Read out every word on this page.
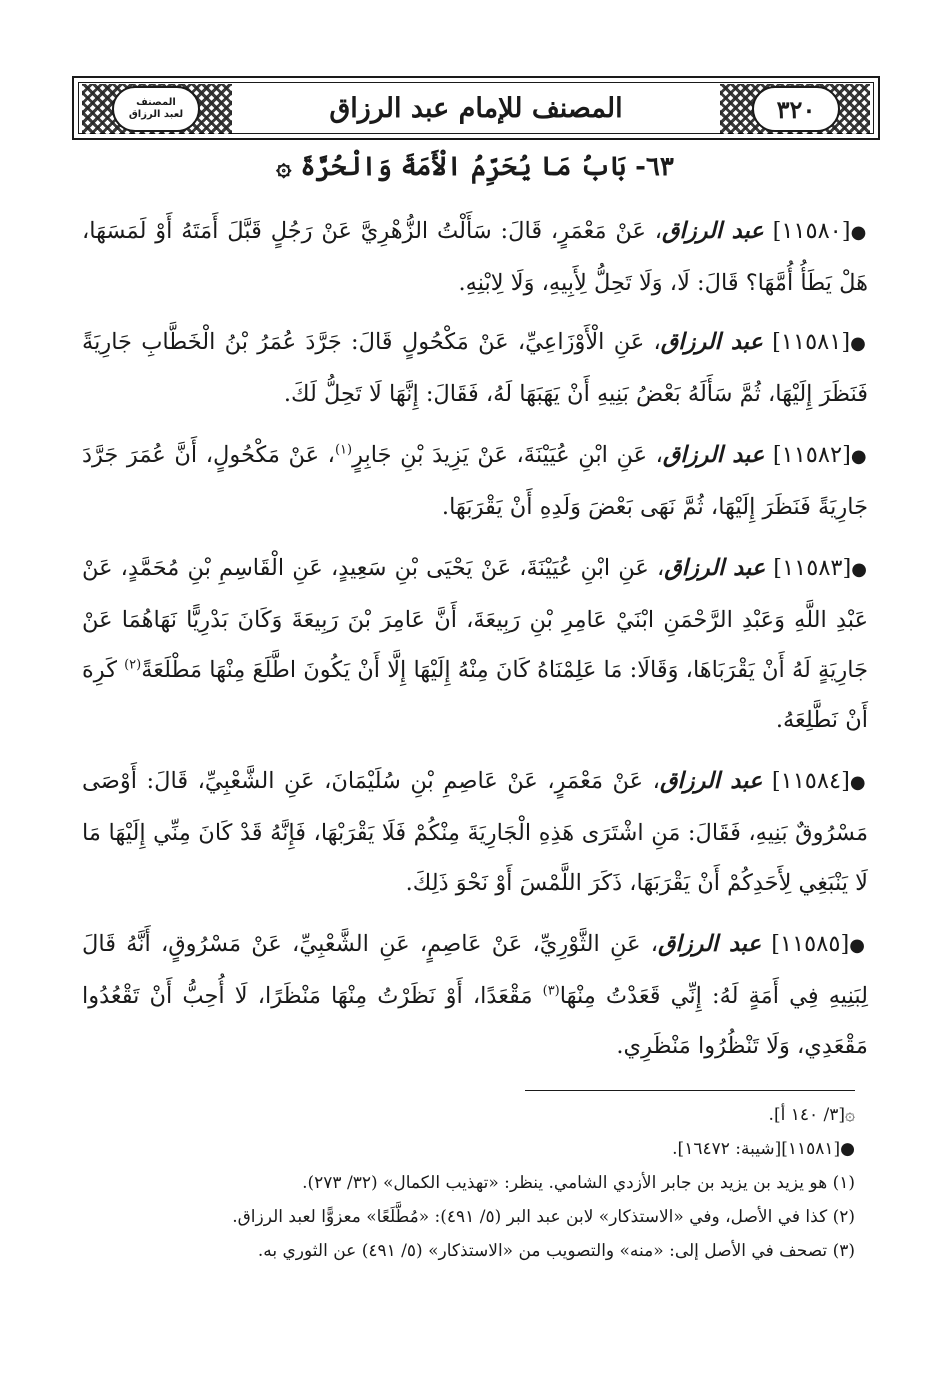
المصنف
لعبد الرزاق	٣٢٠
المصنف للإمام عبد الرزاق
٦٣- بَابُ مَا يُحَرِّمُ الْأَمَةَ وَالْحُرَّةَ ۞

●[١١٥٨٠] عبد الرزاق، عَنْ مَعْمَرٍ، قَالَ: سَأَلْتُ الزُّهْرِيَّ عَنْ رَجُلٍ قَبَّلَ أَمَتَهُ أَوْ لَمَسَهَا، هَلْ يَطَأُ أُمَّهَا؟ قَالَ: لَا، وَلَا تَحِلُّ لِأَبِيهِ، وَلَا لِابْنِهِ.

●[١١٥٨١] عبد الرزاق، عَنِ الْأَوْزَاعِيِّ، عَنْ مَكْحُولٍ قَالَ: جَرَّدَ عُمَرُ بْنُ الْخَطَّابِ جَارِيَةً فَنَظَرَ إِلَيْهَا، ثُمَّ سَأَلَهُ بَعْضُ بَنِيهِ أَنْ يَهَبَهَا لَهُ، فَقَالَ: إِنَّهَا لَا تَحِلُّ لَكَ.

●[١١٥٨٢] عبد الرزاق، عَنِ ابْنِ عُيَيْنَةَ، عَنْ يَزِيدَ بْنِ جَابِرٍ$^{(١)}$، عَنْ مَكْحُولٍ، أَنَّ عُمَرَ جَرَّدَ جَارِيَةً فَنَظَرَ إِلَيْهَا، ثُمَّ نَهَى بَعْضَ وَلَدِهِ أَنْ يَقْرَبَهَا.

●[١١٥٨٣] عبد الرزاق، عَنِ ابْنِ عُيَيْنَةَ، عَنْ يَحْيَى بْنِ سَعِيدٍ، عَنِ الْقَاسِمِ بْنِ مُحَمَّدٍ، عَنْ عَبْدِ اللَّهِ وَعَبْدِ الرَّحْمَنِ ابْنَيْ عَامِرِ بْنِ رَبِيعَةَ، أَنَّ عَامِرَ بْنَ رَبِيعَةَ وَكَانَ بَدْرِيًّا نَهَاهُمَا عَنْ جَارِيَةٍ لَهُ أَنْ يَقْرَبَاهَا، وَقَالَا: مَا عَلِمْنَاهُ كَانَ مِنْهُ إِلَيْهَا إِلَّا أَنْ يَكُونَ اطَّلَعَ مِنْهَا مَطْلَعَةً$^{(٢)}$ كَرِهَ أَنْ نَطَّلِعَهُ.

●[١١٥٨٤] عبد الرزاق، عَنْ مَعْمَرٍ، عَنْ عَاصِمِ بْنِ سُلَيْمَانَ، عَنِ الشَّعْبِيِّ، قَالَ: أَوْصَى مَسْرُوقٌ بَنِيهِ، فَقَالَ: مَنِ اشْتَرَى هَذِهِ الْجَارِيَةَ مِنْكُمْ فَلَا يَقْرَبْهَا، فَإِنَّهُ قَدْ كَانَ مِنِّي إِلَيْهَا مَا لَا يَنْبَغِي لِأَحَدِكُمْ أَنْ يَقْرَبَهَا، ذَكَرَ اللَّمْسَ أَوْ نَحْوَ ذَلِكَ.

●[١١٥٨٥] عبد الرزاق، عَنِ الثَّوْرِيِّ، عَنْ عَاصِمٍ، عَنِ الشَّعْبِيِّ، عَنْ مَسْرُوقٍ، أَنَّهُ قَالَ لِبَنِيهِ فِي أَمَةٍ لَهُ: إِنِّي قَعَدْتُ مِنْهَا$^{(٣)}$ مَقْعَدًا، أَوْ نَظَرْتُ مِنْهَا مَنْظَرًا، لَا أُحِبُّ أَنْ تَقْعُدُوا مَقْعَدِي، وَلَا تَنْظُرُوا مَنْظَرِي.

۞[٣/ ١٤٠ أ].

●[١١٥٨١][شيبة: ١٦٤٧٢].

(١) هو يزيد بن يزيد بن جابر الأزدي الشامي. ينظر: «تهذيب الكمال» (٣٢/ ٢٧٣).

(٢) كذا في الأصل، وفي «الاستذكار» لابن عبد البر (٥/ ٤٩١): «مُطَّلَعًا» معزوًّا لعبد الرزاق.

(٣) تصحف في الأصل إلى: «منه» والتصويب من «الاستذكار» (٥/ ٤٩١) عن الثوري به.
